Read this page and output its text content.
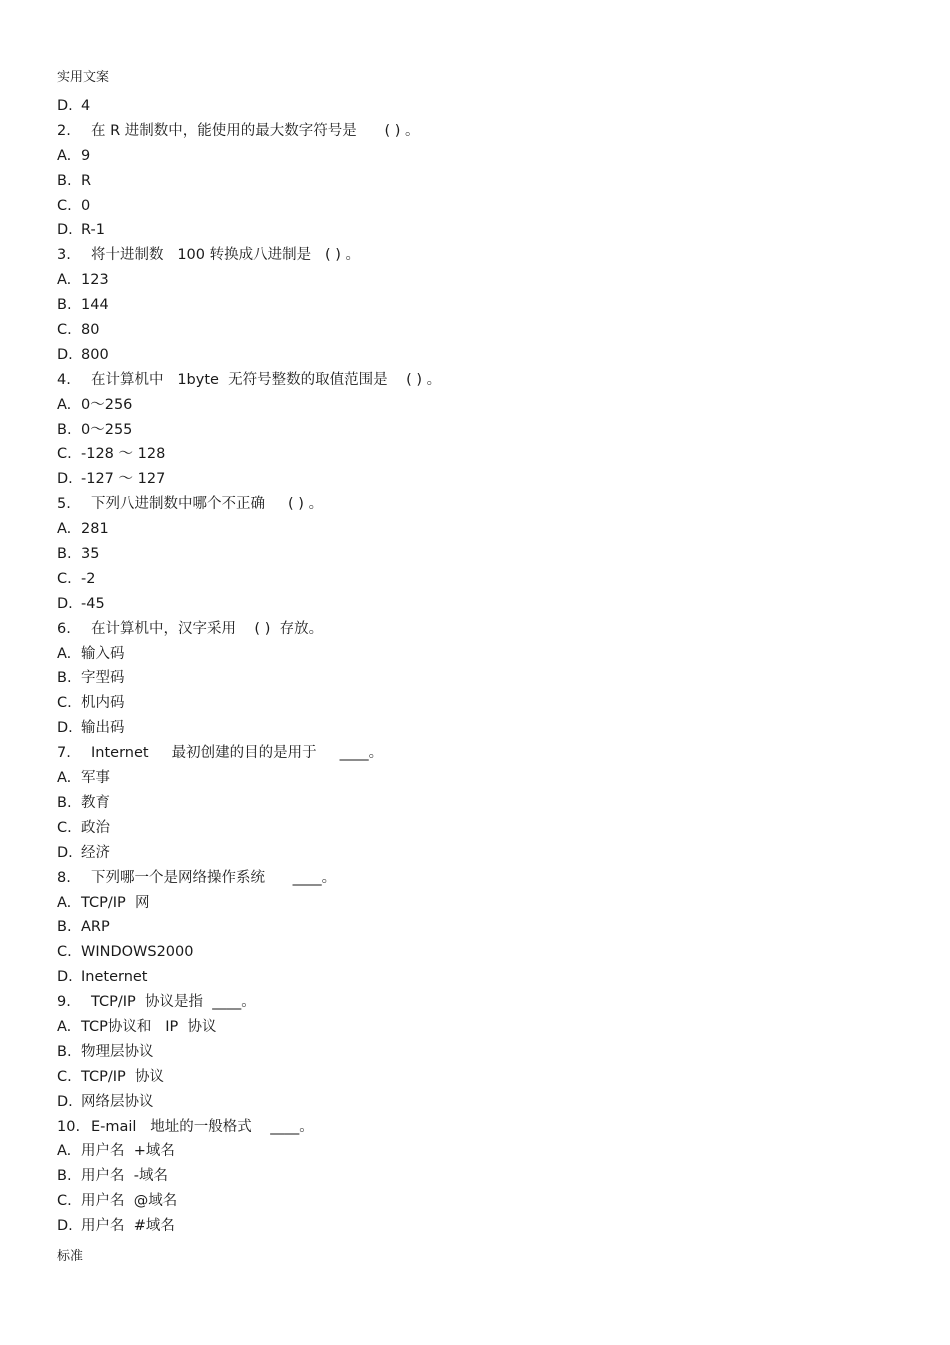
实用文案
D. 4
2. 在 R 进制数中，能使用的最大数字符号是      ( ) 。
A. 9
B. R
C. 0
D. R-1
3. 将十进制数   100 转换成八进制是   ( ) 。
A. 123
B. 144
C. 80
D. 800
4. 在计算机中   1byte  无符号整数的取值范围是    ( ) 。
A. 0～256
B. 0～255
C. -128 ～ 128
D. -127 ～ 127
5. 下列八进制数中哪个不正确     ( ) 。
A. 281
B. 35
C. -2
D. -45
6. 在计算机中，汉字采用    ( )  存放。
A. 输入码
B. 字型码
C. 机内码
D. 输出码
7. Internet     最初创建的目的是用于     ____。
A. 军事
B. 教育
C. 政治
D. 经济
8. 下列哪一个是网络操作系统      ____。
A. TCP/IP  网
B. ARP
C. WINDOWS2000
D. Ineternet
9. TCP/IP  协议是指  ____。
A. TCP协议和   IP  协议
B. 物理层协议
C. TCP/IP  协议
D. 网络层协议
10. E-mail   地址的一般格式    ____。
A. 用户名  +域名
B. 用户名  -域名
C. 用户名  @域名
D. 用户名  #域名
标准
